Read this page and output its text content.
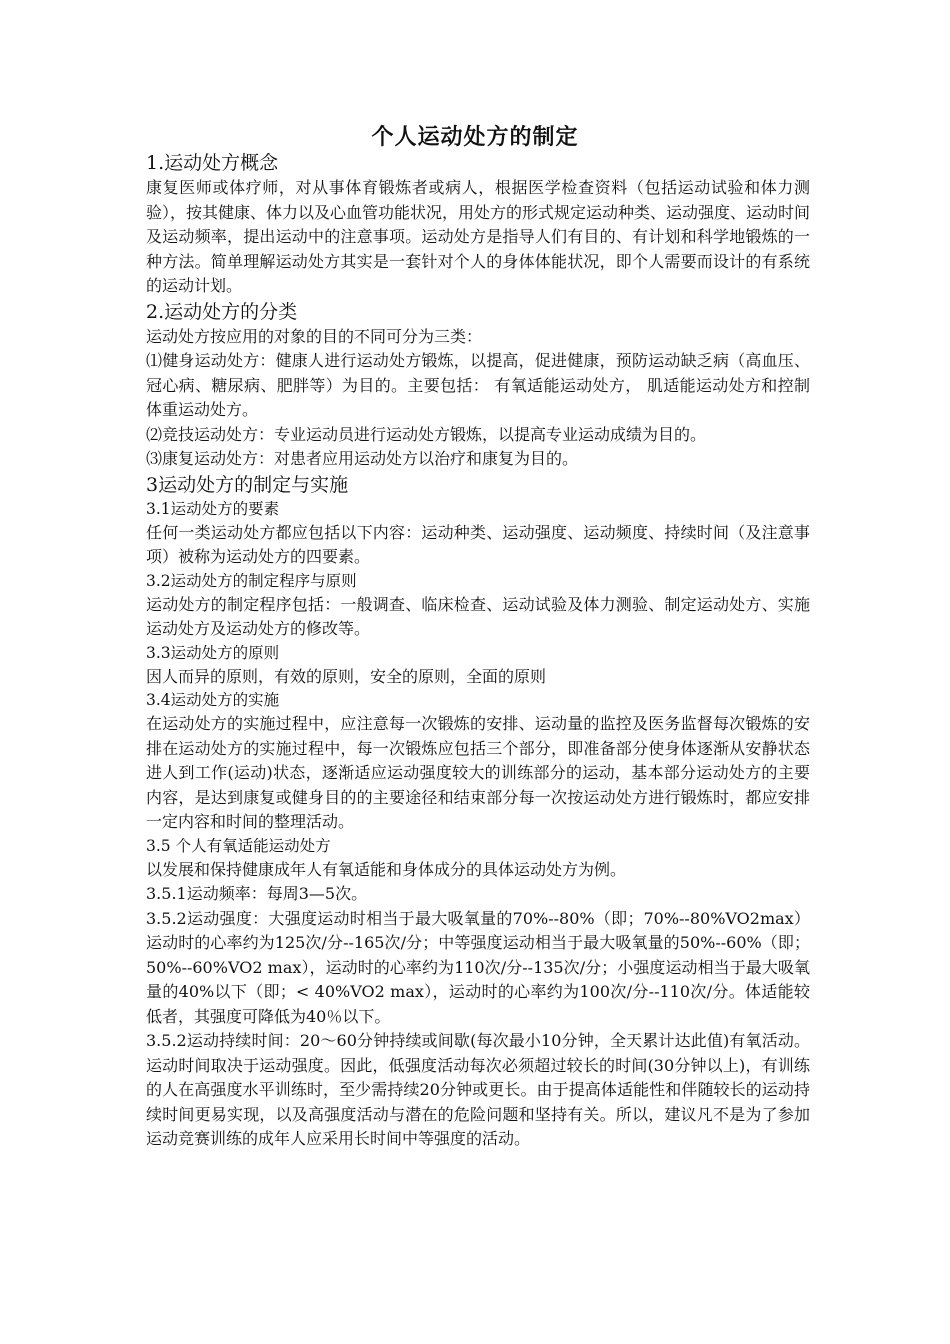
个人运动处方的制定

1.运动处方概念

康复医师或体疗师，对从事体育锻炼者或病人，根据医学检查资料（包括运动试验和体力测验），按其健康、体力以及心血管功能状况，用处方的形式规定运动种类、运动强度、运动时间及运动频率，提出运动中的注意事项。运动处方是指导人们有目的、有计划和科学地锻炼的一种方法。简单理解运动处方其实是一套针对个人的身体体能状况，即个人需要而设计的有系统的运动计划。

2.运动处方的分类

运动处方按应用的对象的目的不同可分为三类：

⑴健身运动处方：健康人进行运动处方锻炼，以提高，促进健康，预防运动缺乏病（高血压、冠心病、糖尿病、肥胖等）为目的。主要包括： 有氧适能运动处方， 肌适能运动处方和控制体重运动处方。

⑵竞技运动处方：专业运动员进行运动处方锻炼，以提高专业运动成绩为目的。

⑶康复运动处方：对患者应用运动处方以治疗和康复为目的。

3运动处方的制定与实施

3.1运动处方的要素

任何一类运动处方都应包括以下内容：运动种类、运动强度、运动频度、持续时间（及注意事项）被称为运动处方的四要素。

3.2运动处方的制定程序与原则

运动处方的制定程序包括：一般调查、临床检查、运动试验及体力测验、制定运动处方、实施运动处方及运动处方的修改等。

3.3运动处方的原则

因人而异的原则，有效的原则，安全的原则，全面的原则

3.4运动处方的实施

在运动处方的实施过程中，应注意每一次锻炼的安排、运动量的监控及医务监督每次锻炼的安排在运动处方的实施过程中，每一次锻炼应包括三个部分，即准备部分使身体逐渐从安静状态进人到工作(运动)状态，逐渐适应运动强度较大的训练部分的运动，基本部分运动处方的主要内容，是达到康复或健身目的的主要途径和结束部分每一次按运动处方进行锻炼时，都应安排一定内容和时间的整理活动。

3.5 个人有氧适能运动处方

以发展和保持健康成年人有氧适能和身体成分的具体运动处方为例。

3.5.1运动频率：每周3—5次。

3.5.2运动强度：大强度运动时相当于最大吸氧量的70%--80%（即；70%--80%VO2max）运动时的心率约为125次/分--165次/分；中等强度运动相当于最大吸氧量的50%--60%（即；50%--60%VO2 max），运动时的心率约为110次/分--135次/分；小强度运动相当于最大吸氧量的40%以下（即；< 40%VO2 max），运动时的心率约为100次/分--110次/分。体适能较低者，其强度可降低为40％以下。

3.5.2运动持续时间：20～60分钟持续或间歇(每次最小10分钟，全天累计达此值)有氧活动。运动时间取决于运动强度。因此，低强度活动每次必须超过较长的时间(30分钟以上)，有训练的人在高强度水平训练时，至少需持续20分钟或更长。由于提高体适能性和伴随较长的运动持续时间更易实现，以及高强度活动与潜在的危险问题和坚持有关。所以，建议凡不是为了参加运动竞赛训练的成年人应采用长时间中等强度的活动。
